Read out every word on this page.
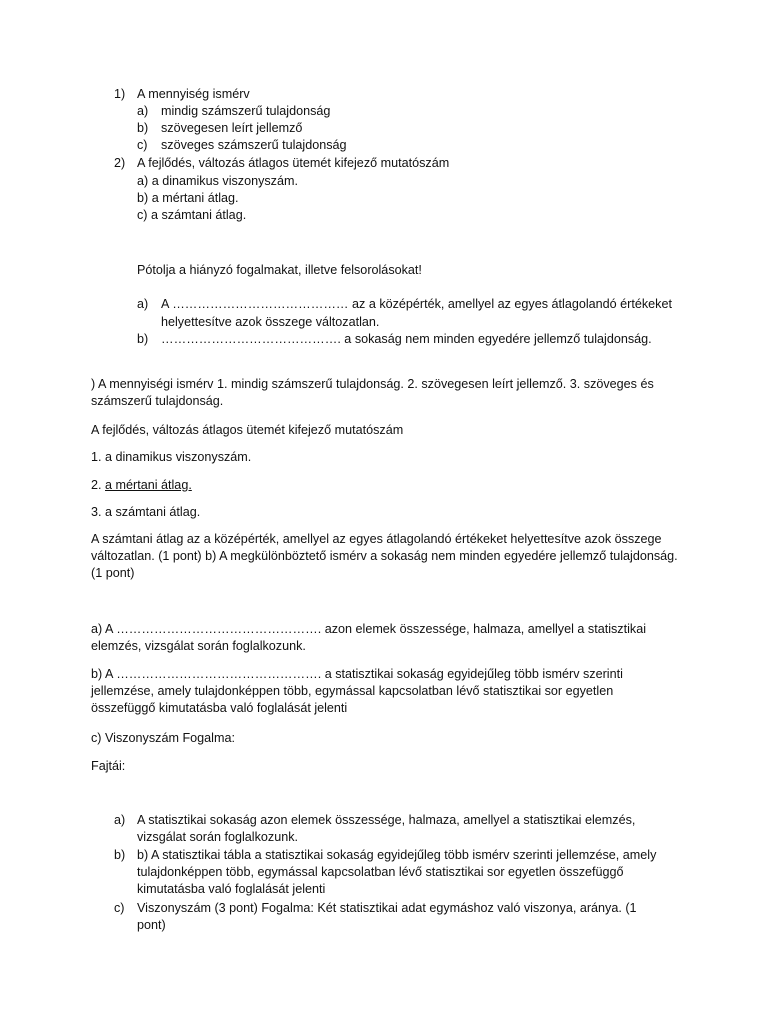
1) A mennyiség ismérv
a) mindig számszerű tulajdonság
b) szövegesen leírt jellemző
c) szöveges számszerű tulajdonság
2) A fejlődés, változás átlagos ütemét kifejező mutatószám
a) a dinamikus viszonyszám.
b) a mértani átlag.
c) a számtani átlag.
Pótolja a hiányzó fogalmakat, illetve felsorolásokat!
a) A …………………………………… az a középérték, amellyel az egyes átlagolandó értékeket
helyettesítve azok összege változatlan.
b) ……………………………………. a sokaság nem minden egyedére jellemző tulajdonság.
) A mennyiségi ismérv 1. mindig számszerű tulajdonság. 2. szövegesen leírt jellemző. 3. szöveges és számszerű tulajdonság.
A fejlődés, változás átlagos ütemét kifejező mutatószám
1. a dinamikus viszonyszám.
2. a mértani átlag.
3. a számtani átlag.
A számtani átlag az a középérték, amellyel az egyes átlagolandó értékeket helyettesítve azok összege változatlan. (1 pont) b) A megkülönböztető ismérv a sokaság nem minden egyedére jellemző tulajdonság. (1 pont)
a) A …………………………………………. azon elemek összessége, halmaza, amellyel a statisztikai elemzés, vizsgálat során foglalkozunk.
b) A …………………………………………. a statisztikai sokaság egyidejűleg több ismérv szerinti jellemzése, amely tulajdonképpen több, egymással kapcsolatban lévő statisztikai sor egyetlen összefüggő kimutatásba való foglalását jelenti
c) Viszonyszám Fogalma:
Fajtái:
a) A statisztikai sokaság azon elemek összessége, halmaza, amellyel a statisztikai elemzés,
vizsgálat során foglalkozunk.
b) b) A statisztikai tábla a statisztikai sokaság egyidejűleg több ismérv szerinti jellemzése, amely
tulajdonképpen több, egymással kapcsolatban lévő statisztikai sor egyetlen összefüggő
kimutatásba való foglalását jelenti
c) Viszonyszám (3 pont) Fogalma: Két statisztikai adat egymáshoz való viszonya, aránya. (1
pont)
